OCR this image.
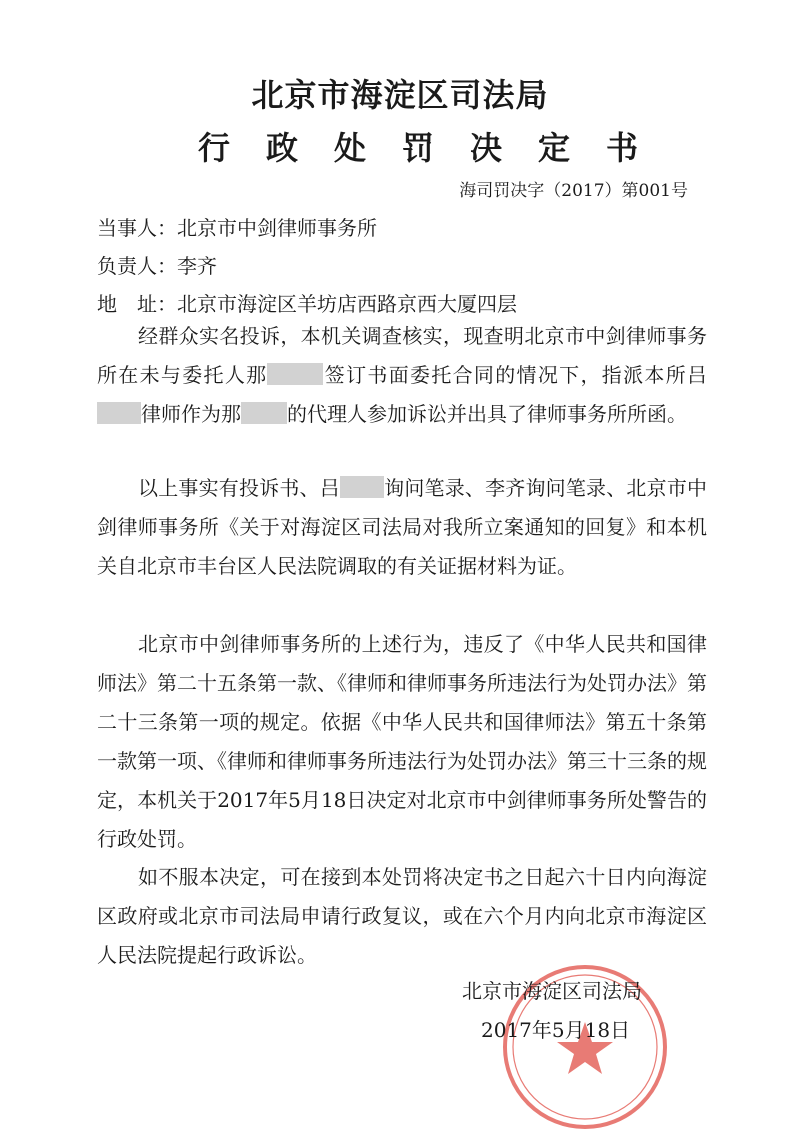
北京市海淀区司法局
行政处罚决定书
海司罚决字（2017）第001号
当事人：北京市中剑律师事务所
负责人：李齐
地　址：北京市海淀区羊坊店西路京西大厦四层
经群众实名投诉，本机关调查核实，现查明北京市中剑律师事务所在未与委托人那	签订书面委托合同的情况下，指派本所吕律师作为那 的代理人参加诉讼并出具了律师事务所所函。
以上事实有投诉书、吕 询问笔录、李齐询问笔录、北京市中剑律师事务所《关于对海淀区司法局对我所立案通知的回复》和本机关自北京市丰台区人民法院调取的有关证据材料为证。
北京市中剑律师事务所的上述行为，违反了《中华人民共和国律师法》第二十五条第一款、《律师和律师事务所违法行为处罚办法》第二十三条第一项的规定。依据《中华人民共和国律师法》第五十条第一款第一项、《律师和律师事务所违法行为处罚办法》第三十三条的规定，本机关于2017年5月18日决定对北京市中剑律师事务所处警告的行政处罚。
如不服本决定，可在接到本处罚将决定书之日起六十日内向海淀区政府或北京市司法局申请行政复议，或在六个月内向北京市海淀区人民法院提起行政诉讼。
北京市海淀区司法局
2017年5月18日
